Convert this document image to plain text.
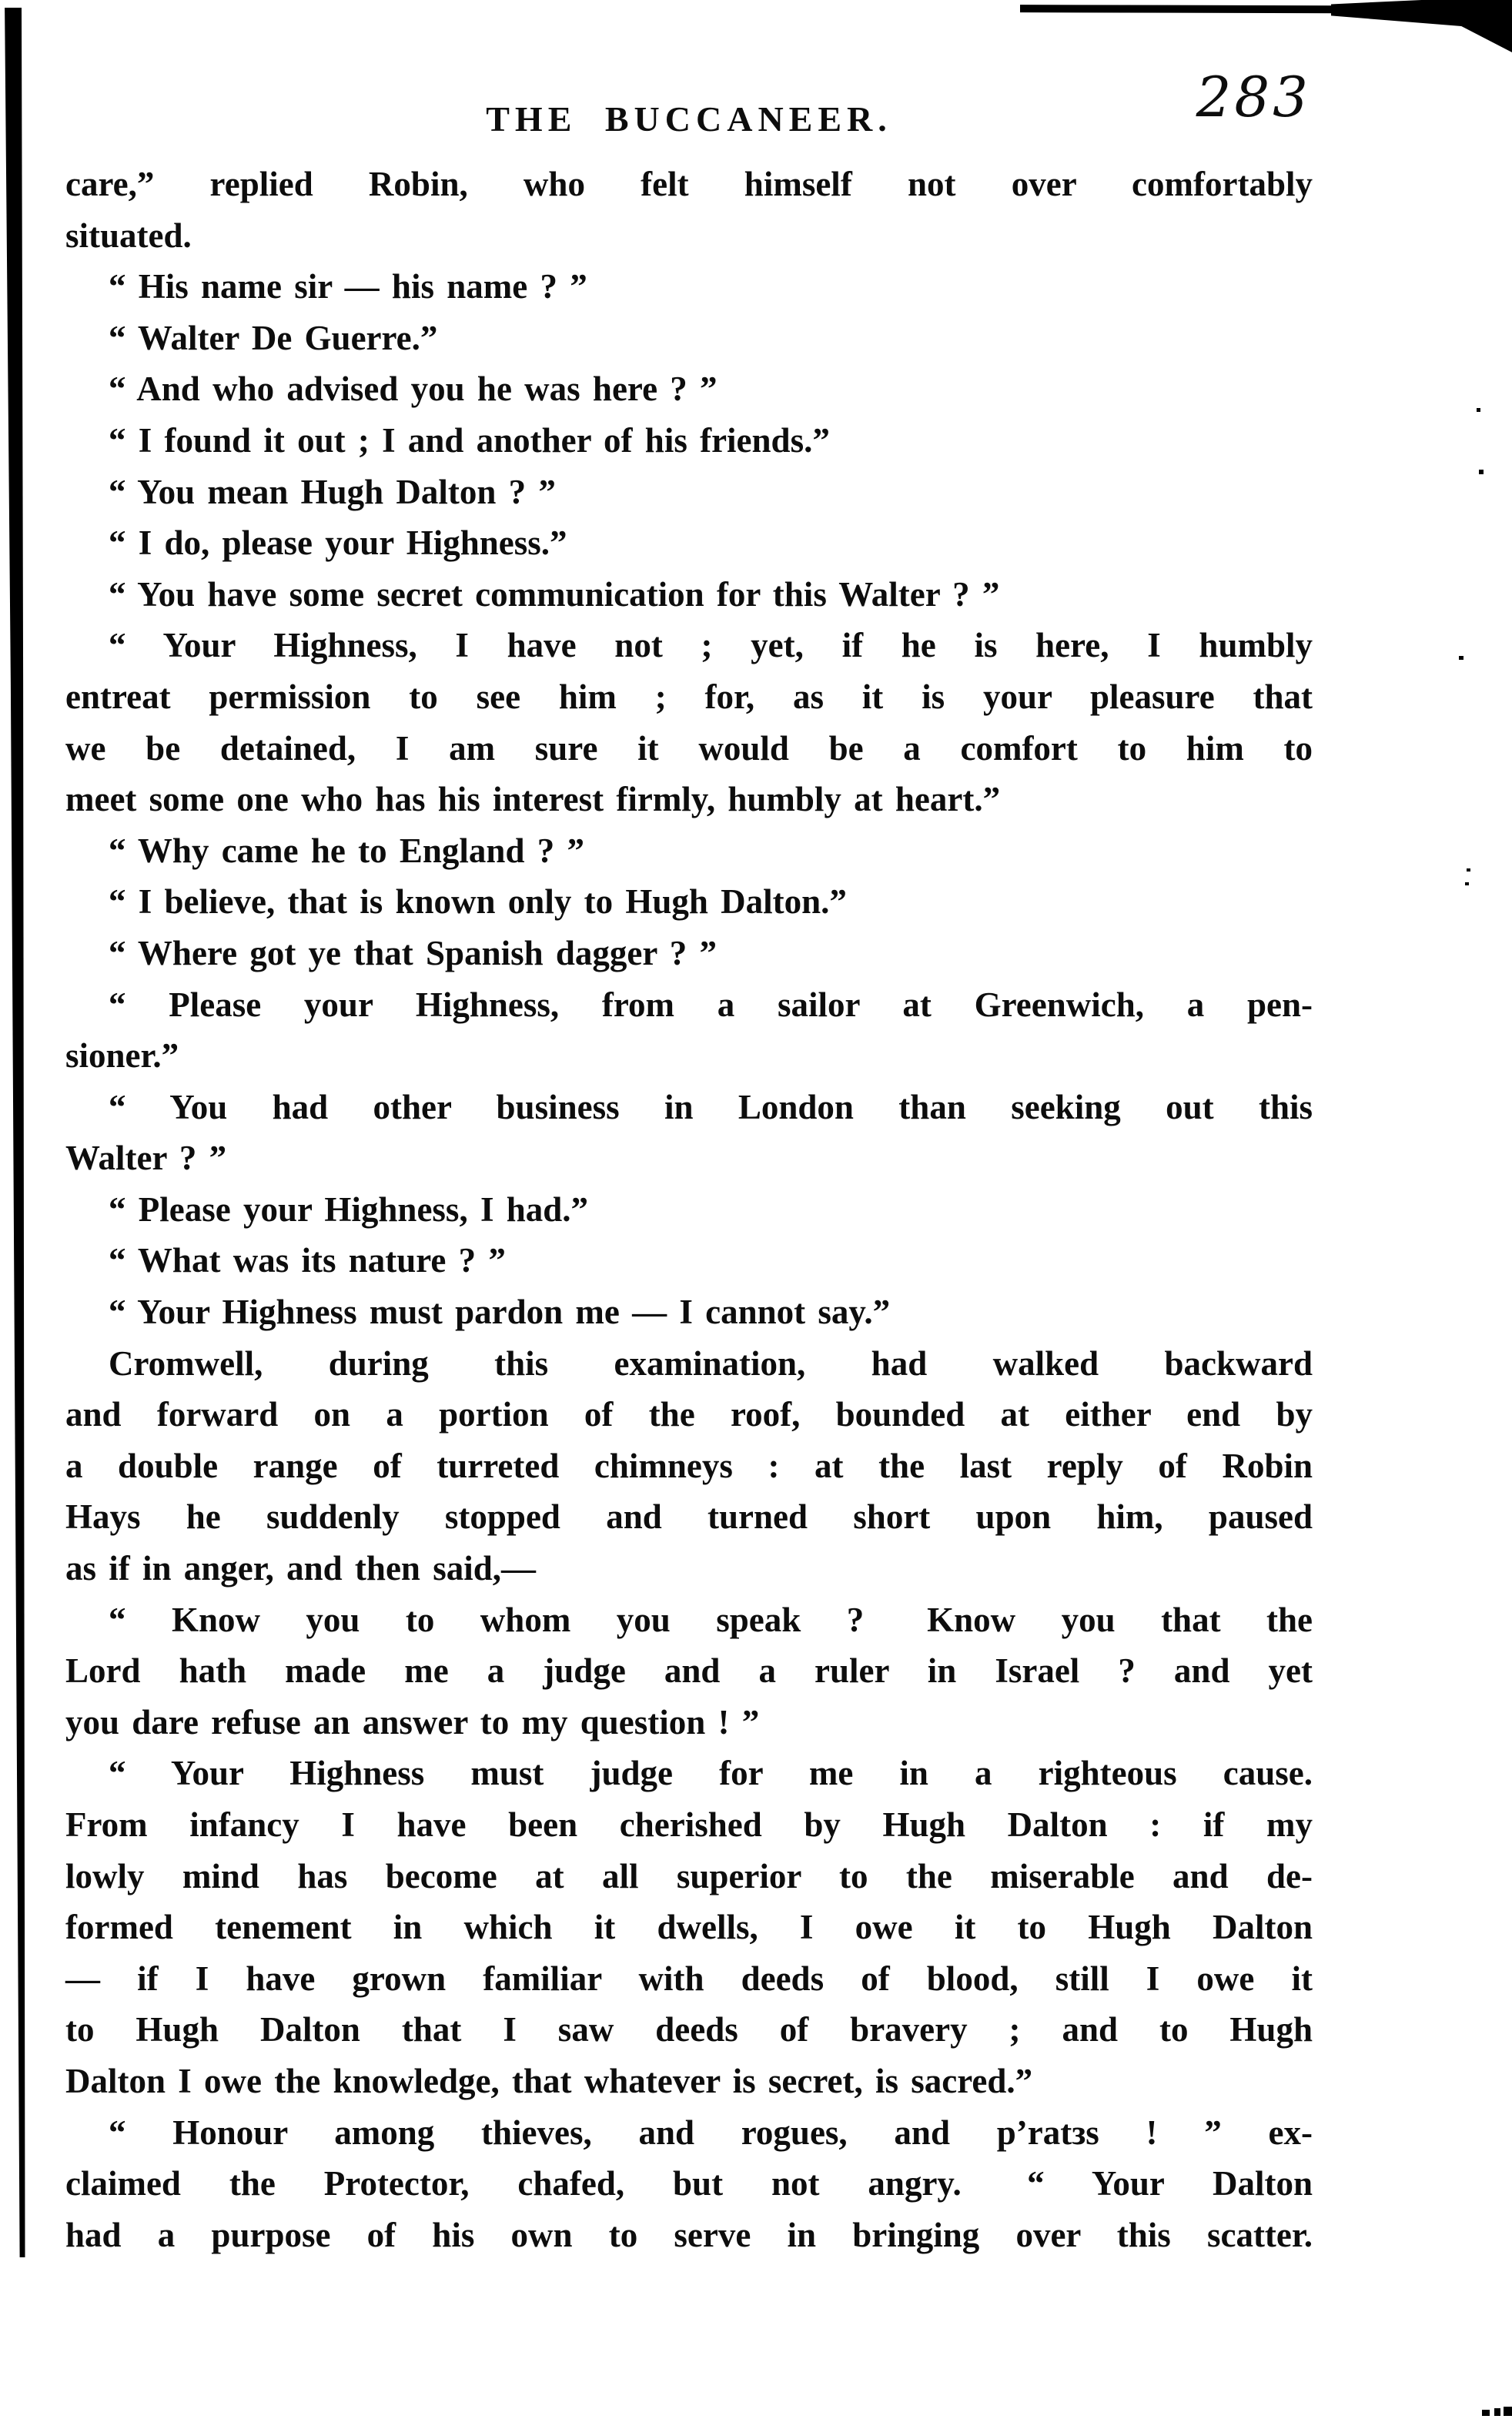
THE BUCCANEER.	283
care,” replied Robin, who felt himself not over comfortably
situated.
“ His name sir — his name ? ”
“ Walter De Guerre.”
“ And who advised you he was here ? ”
“ I found it out ; I and another of his friends.”
“ You mean Hugh Dalton ? ”
“ I do, please your Highness.”
“ You have some secret communication for this Walter ? ”
“ Your Highness, I have not ; yet, if he is here, I humbly
entreat permission to see him ; for, as it is your pleasure that
we be detained, I am sure it would be a comfort to him to
meet some one who has his interest firmly, humbly at heart.”
“ Why came he to England ? ”
“ I believe, that is known only to Hugh Dalton.”
“ Where got ye that Spanish dagger ? ”
“ Please your Highness, from a sailor at Greenwich, a pen-
sioner.”
“ You had other business in London than seeking out this
Walter ? ”
“ Please your Highness, I had.”
“ What was its nature ? ”
“ Your Highness must pardon me — I cannot say.”
Cromwell, during this examination, had walked backward
and forward on a portion of the roof, bounded at either end by
a double range of turreted chimneys : at the last reply of Robin
Hays he suddenly stopped and turned short upon him, paused
as if in anger, and then said,—
“ Know you to whom you speak ?  Know you that the
Lord hath made me a judge and a ruler in Israel ? and yet
you dare refuse an answer to my question ! ”
“ Your Highness must judge for me in a righteous cause.
From infancy I have been cherished by Hugh Dalton : if my
lowly mind has become at all superior to the miserable and de-
formed tenement in which it dwells, I owe it to Hugh Dalton
— if I have grown familiar with deeds of blood, still I owe it
to Hugh Dalton that I saw deeds of bravery ; and to Hugh
Dalton I owe the knowledge, that whatever is secret, is sacred.”
“ Honour among thieves, and rogues, and p’ratзs ! ” ex-
claimed the Protector, chafed, but not angry.  “ Your Dalton
had a purpose of his own to serve in bringing over this scatter.
